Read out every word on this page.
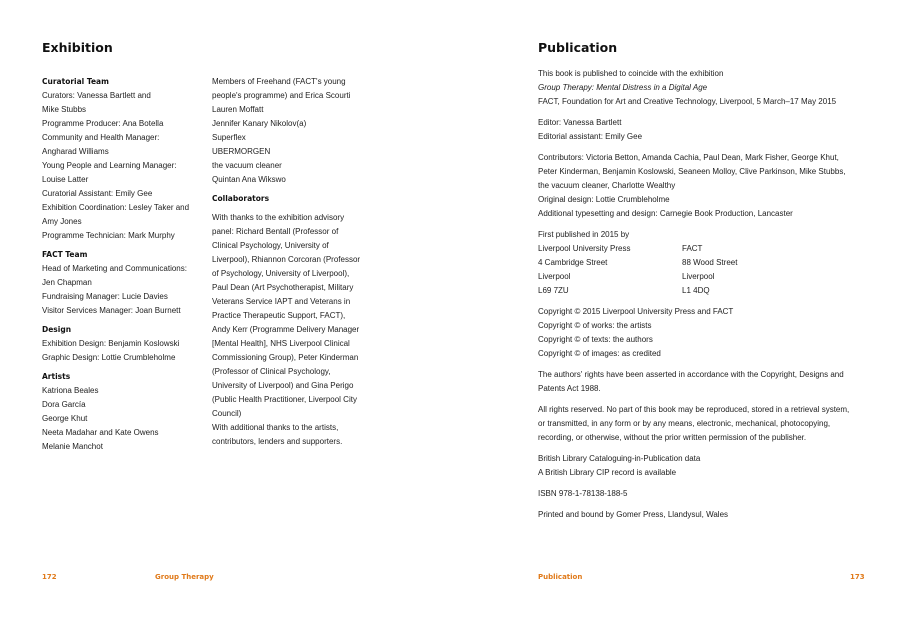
Exhibition
Curatorial Team

Curators: Vanessa Bartlett and

Mike Stubbs

Programme Producer: Ana Botella

Community and Health Manager:

Angharad Williams

Young People and Learning Manager:

Louise Latter

Curatorial Assistant: Emily Gee

Exhibition Coordination: Lesley Taker and

Amy Jones

Programme Technician: Mark Murphy

FACT Team

Head of Marketing and Communications:

Jen Chapman

Fundraising Manager: Lucie Davies

Visitor Services Manager: Joan Burnett

Design

Exhibition Design: Benjamin Koslowski

Graphic Design: Lottie Crumbleholme

Artists

Katriona Beales

Dora García

George Khut

Neeta Madahar and Kate Owens

Melanie Manchot

Members of Freehand (FACT's young

people's programme) and Erica Scourti

Lauren Moffatt

Jennifer Kanary Nikolov(a)

Superflex

UBERMORGEN

the vacuum cleaner

Quintan Ana Wikswo

Collaborators

With thanks to the exhibition advisory

panel: Richard Bentall (Professor of

Clinical Psychology, University of

Liverpool), Rhiannon Corcoran (Professor

of Psychology, University of Liverpool),

Paul Dean (Art Psychotherapist, Military

Veterans Service IAPT and Veterans in

Practice Therapeutic Support, FACT),

Andy Kerr (Programme Delivery Manager

[Mental Health], NHS Liverpool Clinical

Commissioning Group), Peter Kinderman

(Professor of Clinical Psychology,

University of Liverpool) and Gina Perigo

(Public Health Practitioner, Liverpool City

Council)

With additional thanks to the artists,

contributors, lenders and supporters.

172	Group Therapy
Publication

This book is published to coincide with the exhibition

Group Therapy: Mental Distress in a Digital Age

FACT, Foundation for Art and Creative Technology, Liverpool, 5 March–17 May 2015

Editor: Vanessa Bartlett

Editorial assistant: Emily Gee

Contributors: Victoria Betton, Amanda Cachia, Paul Dean, Mark Fisher, George Khut,

Peter Kinderman, Benjamin Koslowski, Seaneen Molloy, Clive Parkinson, Mike Stubbs,

the vacuum cleaner, Charlotte Wealthy

Original design: Lottie Crumbleholme

Additional typesetting and design: Carnegie Book Production, Lancaster

First published in 2015 by

Liverpool University Press	FACT
4 Cambridge Street	88 Wood Street
Liverpool	Liverpool
L69 7ZU	L1 4DQ

Copyright © 2015 Liverpool University Press and FACT

Copyright © of works: the artists

Copyright © of texts: the authors

Copyright © of images: as credited

The authors' rights have been asserted in accordance with the Copyright, Designs and

Patents Act 1988.

All rights reserved. No part of this book may be reproduced, stored in a retrieval system,

or transmitted, in any form or by any means, electronic, mechanical, photocopying,

recording, or otherwise, without the prior written permission of the publisher.

British Library Cataloguing-in-Publication data

A British Library CIP record is available

ISBN 978-1-78138-188-5

Printed and bound by Gomer Press, Llandysul, Wales

Publication	173
